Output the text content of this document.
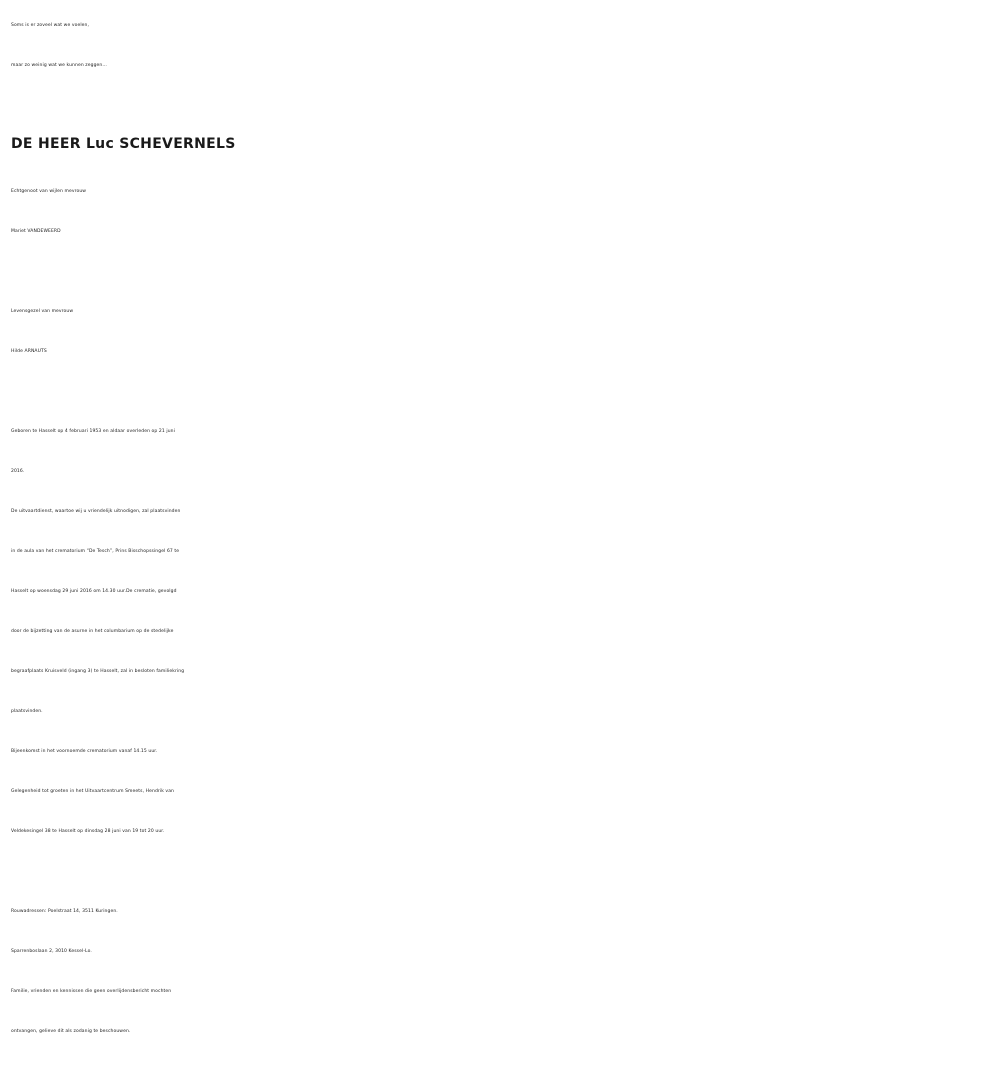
Soms is er zoveel wat we voelen,
maar zo weinig wat we kunnen zeggen…
DE HEER Luc SCHEVERNELS
Echtgenoot van wijlen mevrouw
Mariet VANDEWEERD
Levensgezel van mevrouw
Hilde ARNAUTS
Geboren te Hasselt op 4 februari 1953 en aldaar overleden op 21 juni
2016.
De uitvaartdienst, waartoe wij u vriendelijk uitnodigen, zal plaatsvinden
in de aula van het crematorium “De Tesch”, Prins Bisschopssingel 67 te
Hasselt op woensdag 29 juni 2016 om 14.30 uur.De crematie, gevolgd
door de bijzetting van de asurne in het columbarium op de stedelijke
begraafplaats Kruisveld (ingang 3) te Hasselt, zal in besloten familiekring
plaatsvinden.
Bijeenkomst in het voornoemde crematorium vanaf 14.15 uur.
Gelegenheid tot groeten in het Uitvaartcentrum Smeets, Hendrik van
Veldekesingel 38 te Hasselt op dinsdag 28 juni van 19 tot 20 uur.
Rouwadressen: Poelstraat 14, 3511 Kuringen.
Sparrenboslaan 2, 3010 Kessel-Lo.
Familie, vrienden en kennissen die geen overlijdensbericht mochten
ontvangen, gelieve dit als zodanig te beschouwen.
